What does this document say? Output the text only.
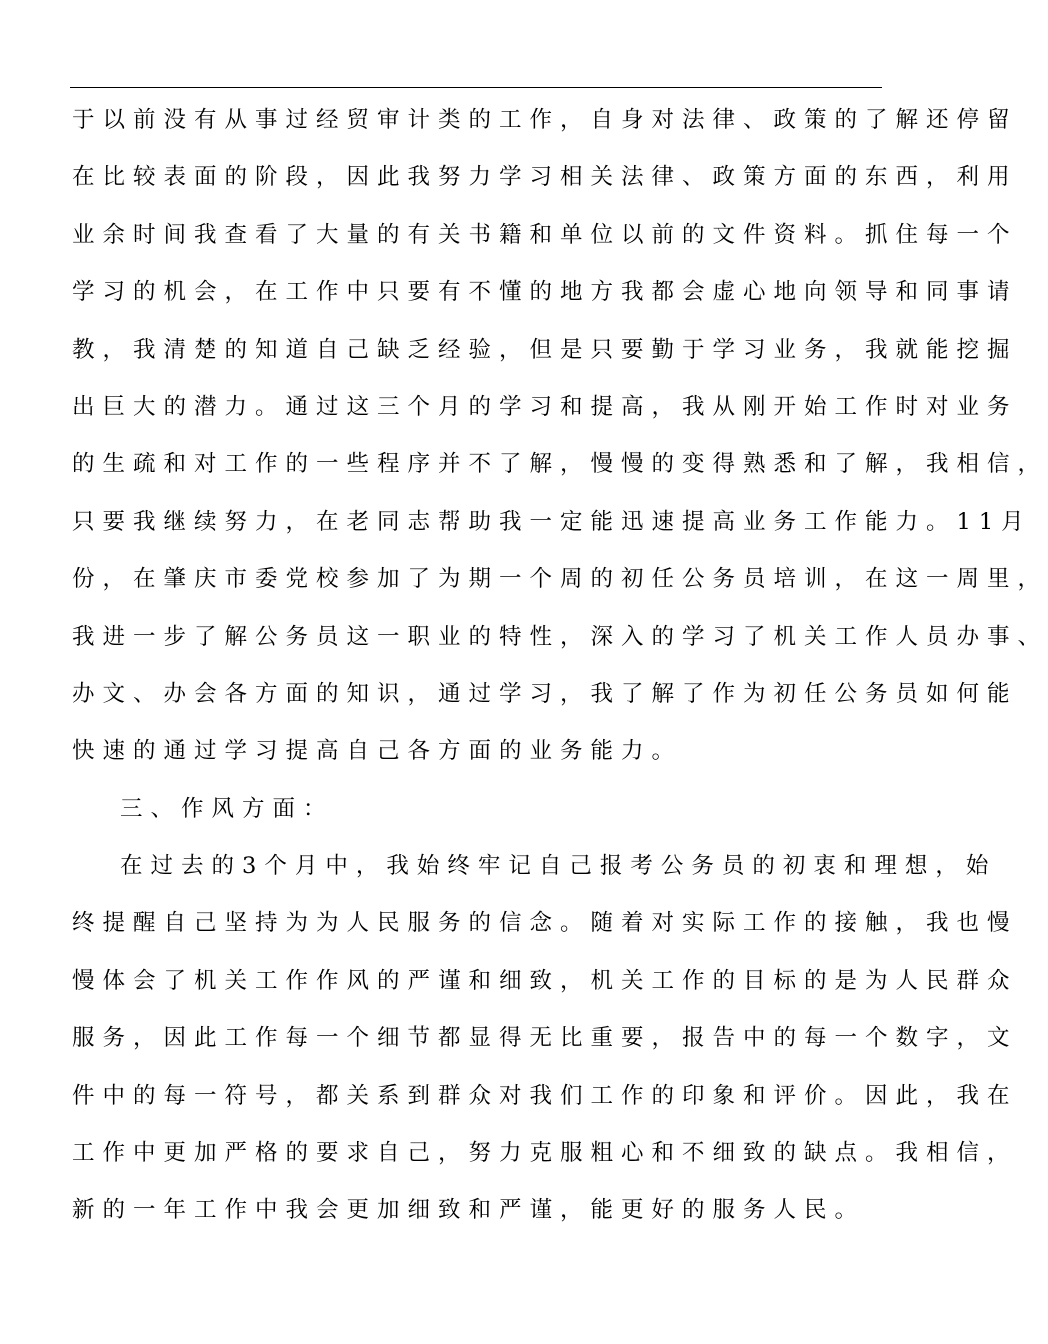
于以前没有从事过经贸审计类的工作，自身对法律、政策的了解还停留
在比较表面的阶段，因此我努力学习相关法律、政策方面的东西，利用
业余时间我查看了大量的有关书籍和单位以前的文件资料。抓住每一个
学习的机会，在工作中只要有不懂的地方我都会虚心地向领导和同事请
教，我清楚的知道自己缺乏经验，但是只要勤于学习业务，我就能挖掘
出巨大的潜力。通过这三个月的学习和提高，我从刚开始工作时对业务
的生疏和对工作的一些程序并不了解，慢慢的变得熟悉和了解，我相信，
只要我继续努力，在老同志帮助我一定能迅速提高业务工作能力。11月
份，在肇庆市委党校参加了为期一个周的初任公务员培训，在这一周里，
我进一步了解公务员这一职业的特性，深入的学习了机关工作人员办事、
办文、办会各方面的知识，通过学习，我了解了作为初任公务员如何能
快速的通过学习提高自己各方面的业务能力。
三、作风方面：
在过去的3个月中，我始终牢记自己报考公务员的初衷和理想，始
终提醒自己坚持为为人民服务的信念。随着对实际工作的接触，我也慢
慢体会了机关工作作风的严谨和细致，机关工作的目标的是为人民群众
服务，因此工作每一个细节都显得无比重要，报告中的每一个数字，文
件中的每一符号，都关系到群众对我们工作的印象和评价。因此，我在
工作中更加严格的要求自己，努力克服粗心和不细致的缺点。我相信，
新的一年工作中我会更加细致和严谨，能更好的服务人民。
